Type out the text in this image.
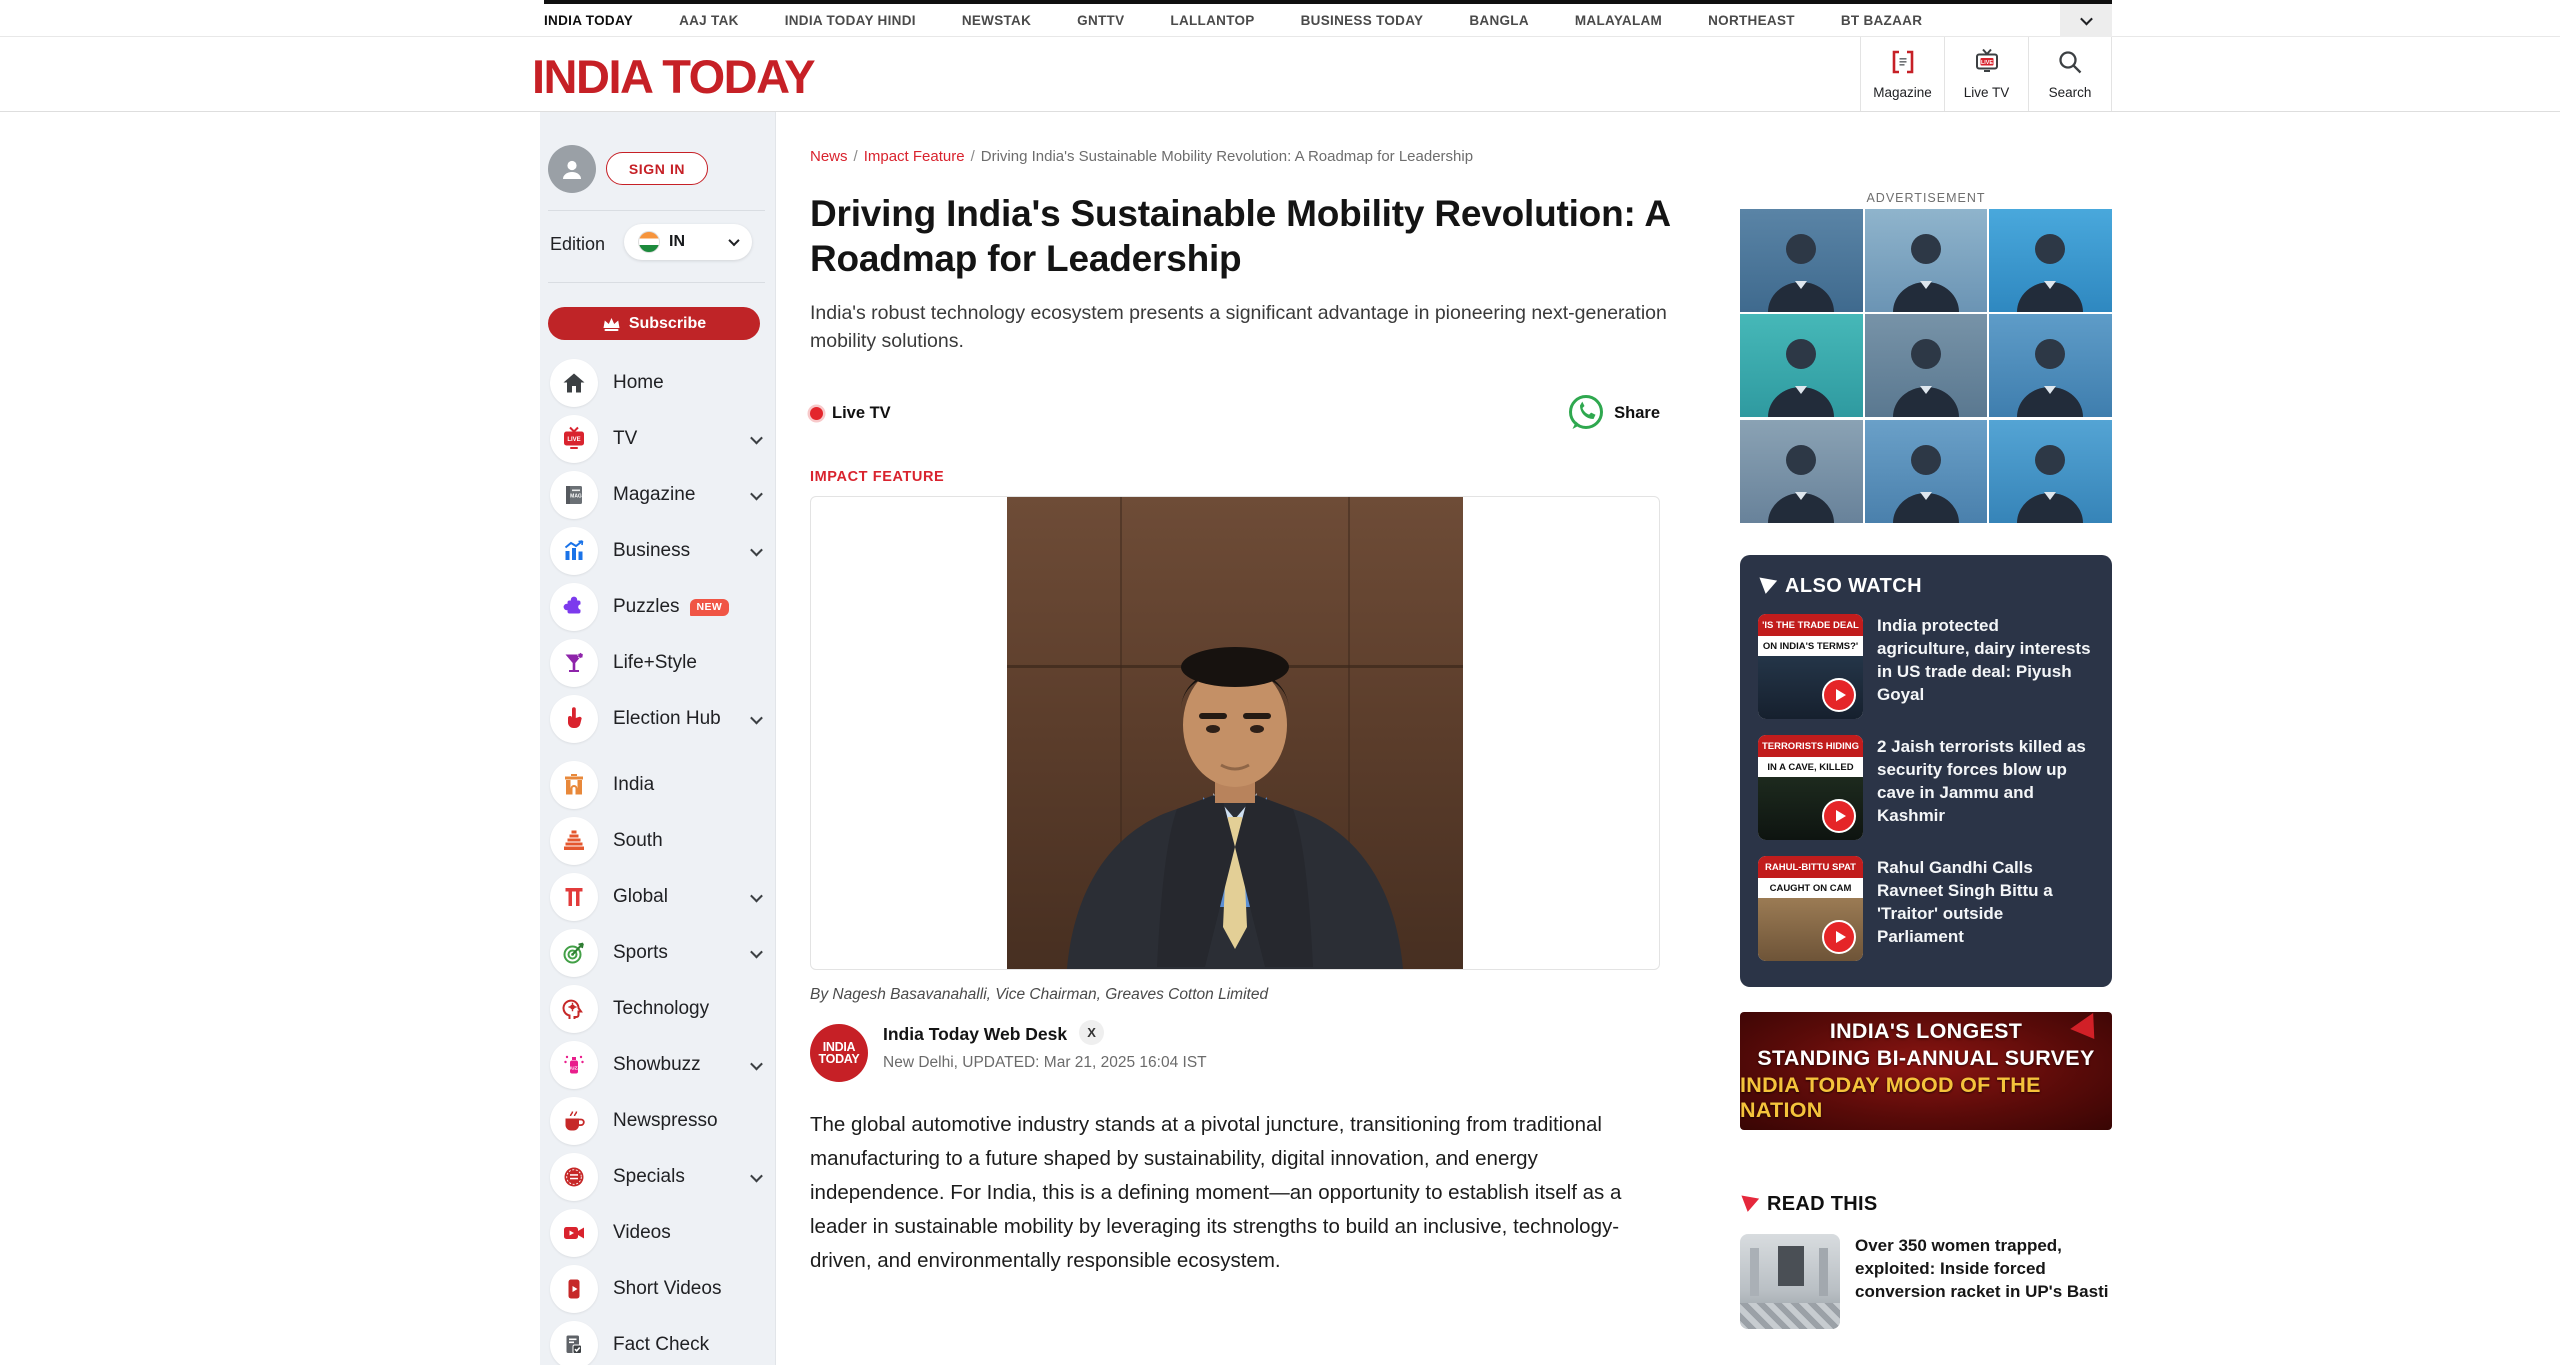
INDIA TODAY	AAJ TAK	INDIA TODAY HINDI	NEWSTAK	GNTTV	LALLANTOP	BUSINESS TODAY	BANGLA	MALAYALAM	NORTHEAST	BT BAZAAR
INDIA TODAY	Magazine
LIVE
Live TV	Search
SIGN IN
Edition	IN
Subscribe
Home
LIVE TV
MAG Magazine
Business
Puzzles	NEW
Life+Style
Election Hub
India
South
Global
Sports
Technology
BUZZ Showbuzz
Newspresso
Specials
Videos
Short Videos
Fact Check
News / Impact Feature / Driving India's Sustainable Mobility Revolution: A Roadmap for Leadership
Driving India's Sustainable Mobility Revolution: A Roadmap for Leadership
India's robust technology ecosystem presents a significant advantage in pioneering next-generation mobility solutions.
Live TV	Share
IMPACT FEATURE
By Nagesh Basavanahalli, Vice Chairman, Greaves Cotton Limited
INDIA
TODAY
India Today Web Desk	X
New Delhi, UPDATED: Mar 21, 2025 16:04 IST

The global automotive industry stands at a pivotal juncture, transitioning from traditional manufacturing to a future shaped by sustainability, digital innovation, and energy independence. For India, this is a defining moment—an opportunity to establish itself as a leader in sustainable mobility by leveraging its strengths to build an inclusive, technology-driven, and environmentally responsible ecosystem.

ADVERTISEMENT
ALSO WATCH
'IS THE TRADE DEAL
ON INDIA'S TERMS?'
India protected agriculture, dairy interests in US trade deal: Piyush Goyal
TERRORISTS HIDING
IN A CAVE, KILLED
2 Jaish terrorists killed as security forces blow up cave in Jammu and Kashmir
RAHUL-BITTU SPAT
CAUGHT ON CAM
Rahul Gandhi Calls Ravneet Singh Bittu a 'Traitor' outside Parliament
INDIA'S LONGEST
STANDING BI-ANNUAL SURVEY
INDIA TODAY MOOD OF THE NATION
READ THIS
Over 350 women trapped, exploited: Inside forced conversion racket in UP's Basti
